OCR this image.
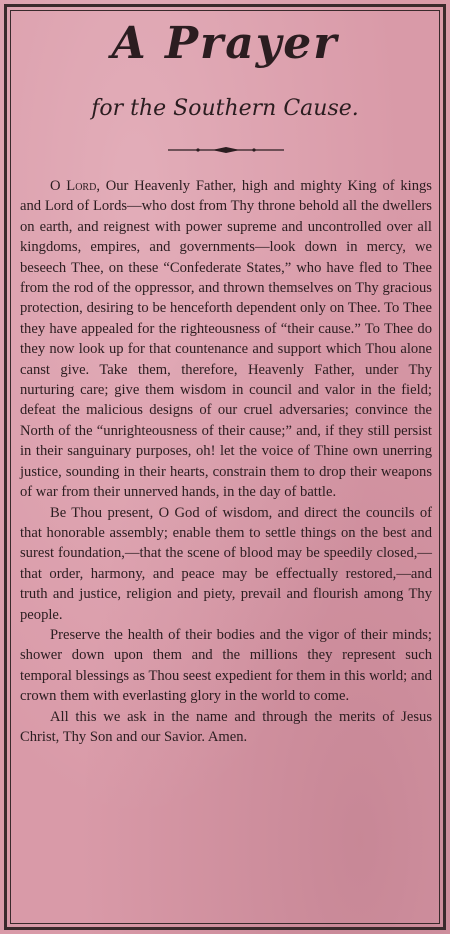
A Prayer
for the Southern Cause.

O Lord, Our Heavenly Father, high and mighty King of kings and Lord of Lords—who dost from Thy throne behold all the dwellers on earth, and reignest with power supreme and uncontrolled over all kingdoms, empires, and governments—look down in mercy, we beseech Thee, on these “Confederate States,” who have fled to Thee from the rod of the oppressor, and thrown themselves on Thy gracious protection, desiring to be henceforth dependent only on Thee. To Thee they have appealed for the righteousness of “their cause.” To Thee do they now look up for that countenance and support which Thou alone canst give. Take them, therefore, Heavenly Father, under Thy nurturing care; give them wisdom in council and valor in the field; defeat the malicious designs of our cruel adversaries; convince the North of the “unrighteousness of their cause;” and, if they still persist in their sanguinary purposes, oh! let the voice of Thine own unerring justice, sounding in their hearts, constrain them to drop their weapons of war from their unnerved hands, in the day of battle.

Be Thou present, O God of wisdom, and direct the councils of that honorable assembly; enable them to settle things on the best and surest foundation,—that the scene of blood may be speedily closed,—that order, harmony, and peace may be effectually restored,—and truth and justice, religion and piety, prevail and flourish among Thy people.

Preserve the health of their bodies and the vigor of their minds; shower down upon them and the millions they represent such temporal blessings as Thou seest expedient for them in this world; and crown them with everlasting glory in the world to come.

All this we ask in the name and through the merits of Jesus Christ, Thy Son and our Savior. Amen.
